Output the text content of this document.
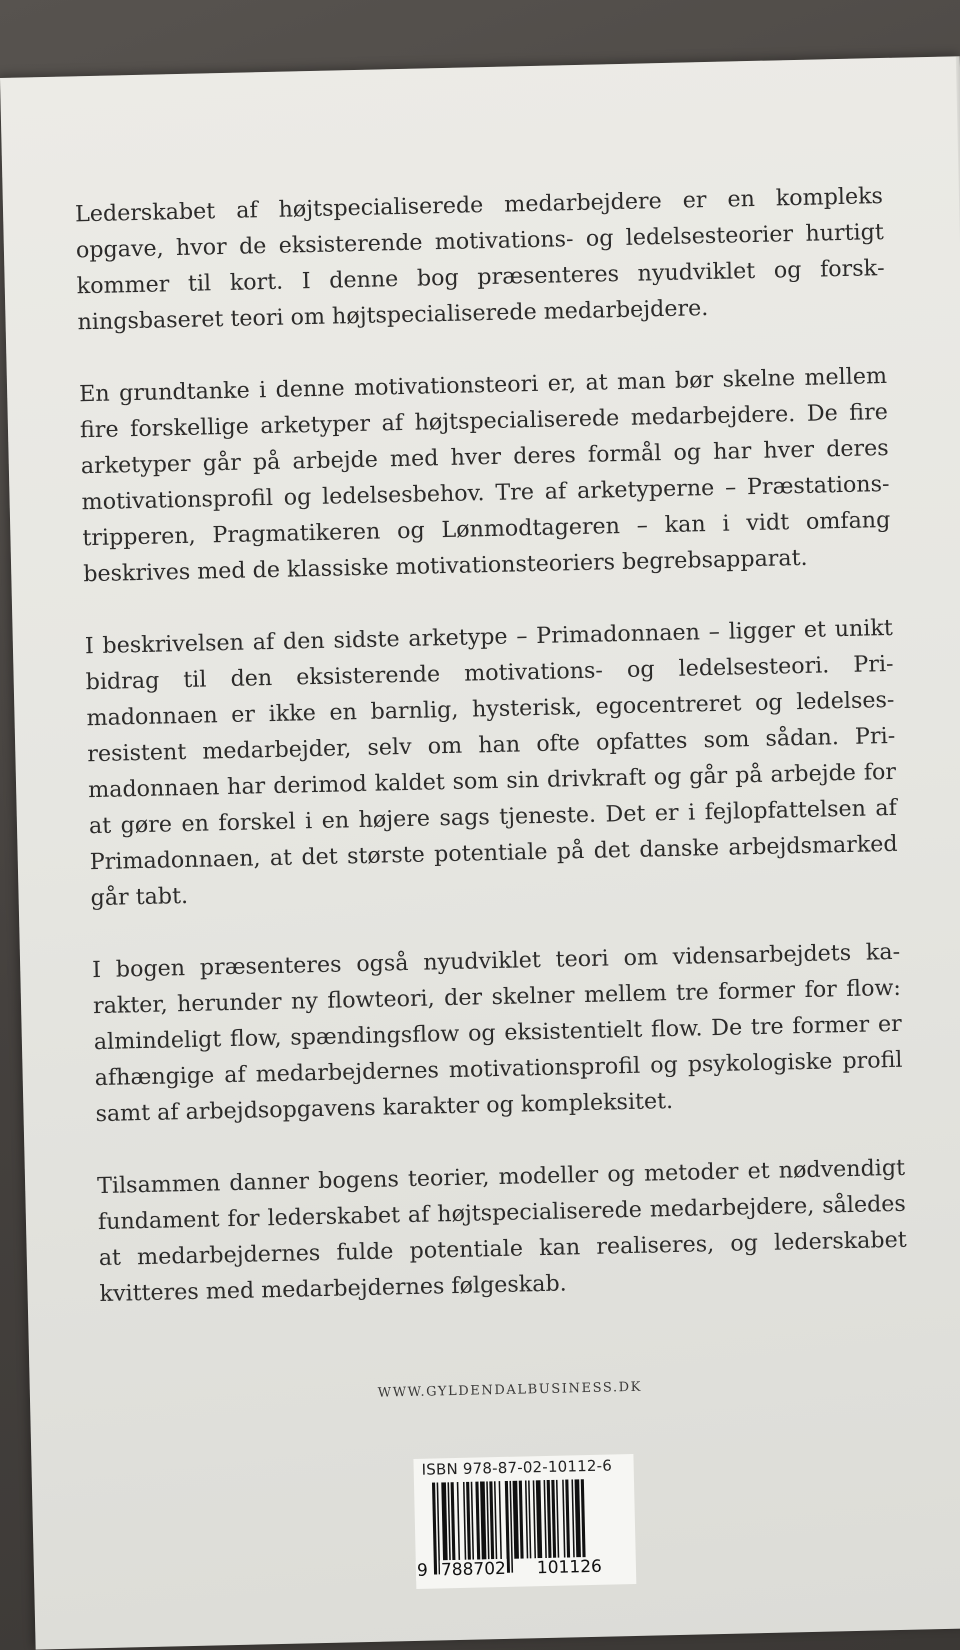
Lederskabet af højtspecialiserede medarbejdere er en kompleks opgave, hvor de eksisterende motivations- og ledelsesteorier hurtigt kommer til kort. I denne bog præsenteres nyudviklet og forskningsbaseret teori om højtspecialiserede medarbejdere.

En grundtanke i denne motivationsteori er, at man bør skelne mellem fire forskellige arketyper af højtspecialiserede medarbejdere. De fire arketyper går på arbejde med hver deres formål og har hver deres motivationsprofil og ledelsesbehov. Tre af arketyperne – Præstations-tripperen, Pragmatikeren og Lønmodtageren – kan i vidt omfang beskrives med de klassiske motivationsteoriers begrebsapparat.

I beskrivelsen af den sidste arketype – Primadonnaen – ligger et unikt bidrag til den eksisterende motivations- og ledelsesteori. Primadonnaen er ikke en barnlig, hysterisk, egocentreret og ledelsesresistent medarbejder, selv om han ofte opfattes som sådan. Primadonnaen har derimod kaldet som sin drivkraft og går på arbejde for at gøre en forskel i en højere sags tjeneste. Det er i fejlopfattelsen af Primadonnaen, at det største potentiale på det danske arbejdsmarked går tabt.

I bogen præsenteres også nyudviklet teori om vidensarbejdets karakter, herunder ny flowteori, der skelner mellem tre former for flow: almindeligt flow, spændingsflow og eksistentielt flow. De tre former er afhængige af medarbejdernes motivationsprofil og psykologiske profil samt af arbejdsopgavens karakter og kompleksitet.

Tilsammen danner bogens teorier, modeller og metoder et nødvendigt fundament for lederskabet af højtspecialiserede medarbejdere, således at medarbejdernes fulde potentiale kan realiseres, og lederskabet kvitteres med medarbejdernes følgeskab.

WWW.GYLDENDALBUSINESS.DK
ISBN 978-87-02-10112-6
9 788702 101126
